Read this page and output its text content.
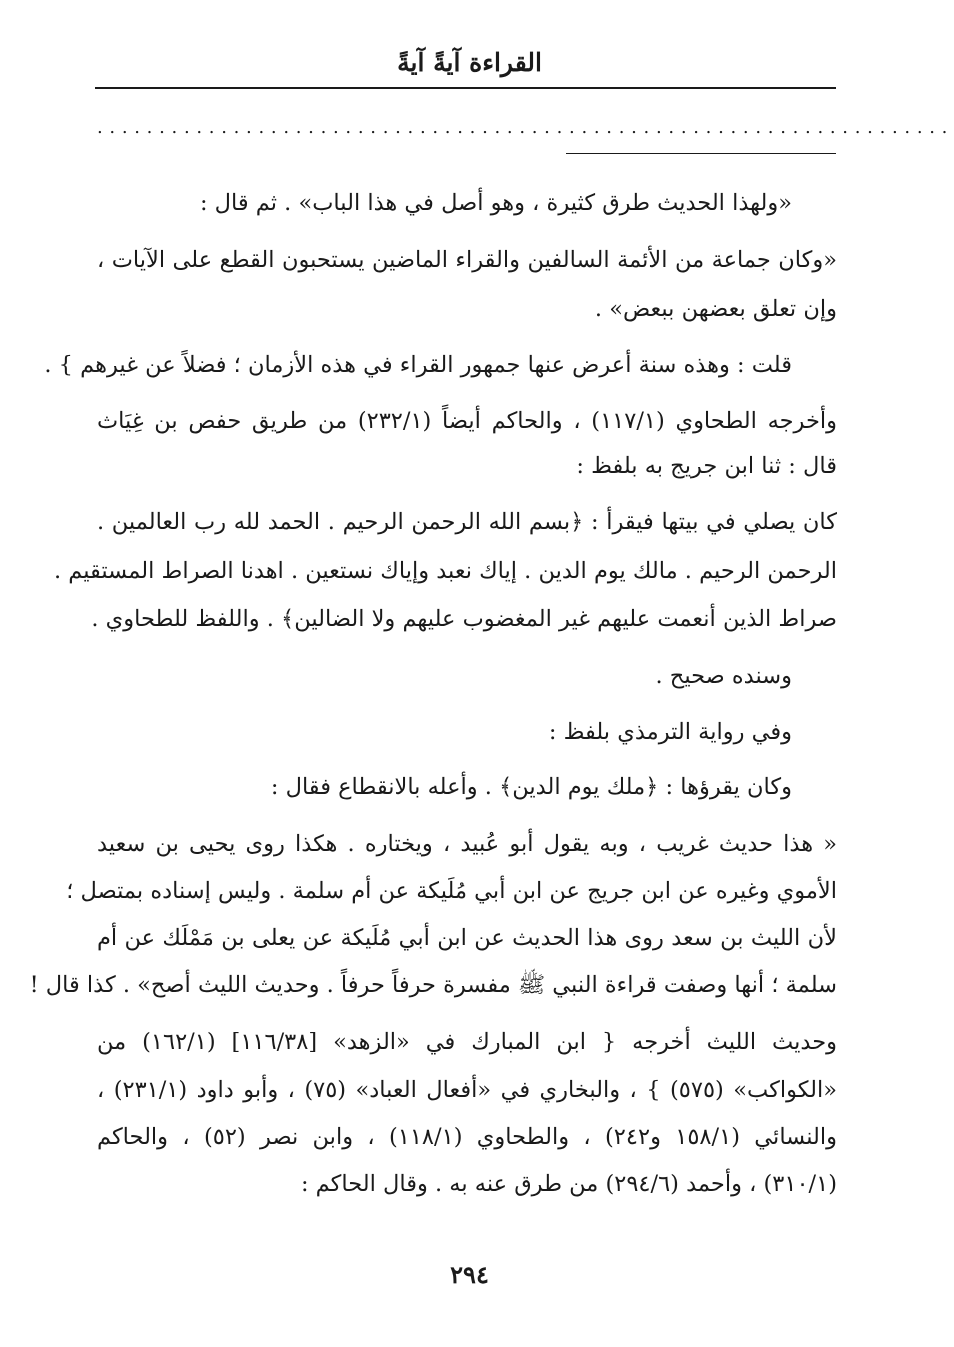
القراءة آيةً آيةً
.....................................................................
«ولهذا الحديث طرق كثيرة ، وهو أصل في هذا الباب» . ثم قال :
«وكان جماعة من الأئمة السالفين والقراء الماضين يستحبون القطع على الآيات ،
وإن تعلق بعضهن ببعض» .
قلت : وهذه سنة أعرض عنها جمهور القراء في هذه الأزمان ؛ فضلاً عن غيرهم } .
وأخرجه الطحاوي (١١٧/١) ، والحاكم أيضاً (٢٣٢/١) من طريق حفص بن غِيَاث
قال : ثنا ابن جريج به بلفظ :
كان يصلي في بيتها فيقرأ : ﴿بسم الله الرحمن الرحيم . الحمد لله رب العالمين .
الرحمن الرحيم . مالك يوم الدين . إياك نعبد وإياك نستعين . اهدنا الصراط المستقيم .
صراط الذين أنعمت عليهم غير المغضوب عليهم ولا الضالين﴾ . واللفظ للطحاوي .
وسنده صحيح .
وفي رواية الترمذي بلفظ :
وكان يقرؤها : ﴿ملك يوم الدين﴾ . وأعله بالانقطاع فقال :
« هذا حديث غريب ، وبه يقول أبو عُبيد ، ويختاره . هكذا روى يحيى بن سعيد
الأموي وغيره عن ابن جريج عن ابن أبي مُلَيكة عن أم سلمة . وليس إسناده بمتصل ؛
لأن الليث بن سعد روى هذا الحديث عن ابن أبي مُلَيكة عن يعلى بن مَمْلَك عن أم
سلمة ؛ أنها وصفت قراءة النبي ﷺ مفسرة حرفاً حرفاً . وحديث الليث أصح» . كذا قال !
وحديث الليث أخرجه { ابن المبارك في «الزهد» [١١٦/٣٨] (١٦٢/١) من
«الكواكب» (٥٧٥) } ، والبخاري في «أفعال العباد» (٧٥) ، وأبو داود (٢٣١/١) ،
والنسائي (١٥٨/١ و٢٤٢) ، والطحاوي (١١٨/١) ، وابن نصر (٥٢) ، والحاكم
(٣١٠/١) ، وأحمد (٢٩٤/٦) من طرق عنه به . وقال الحاكم :
٢٩٤
